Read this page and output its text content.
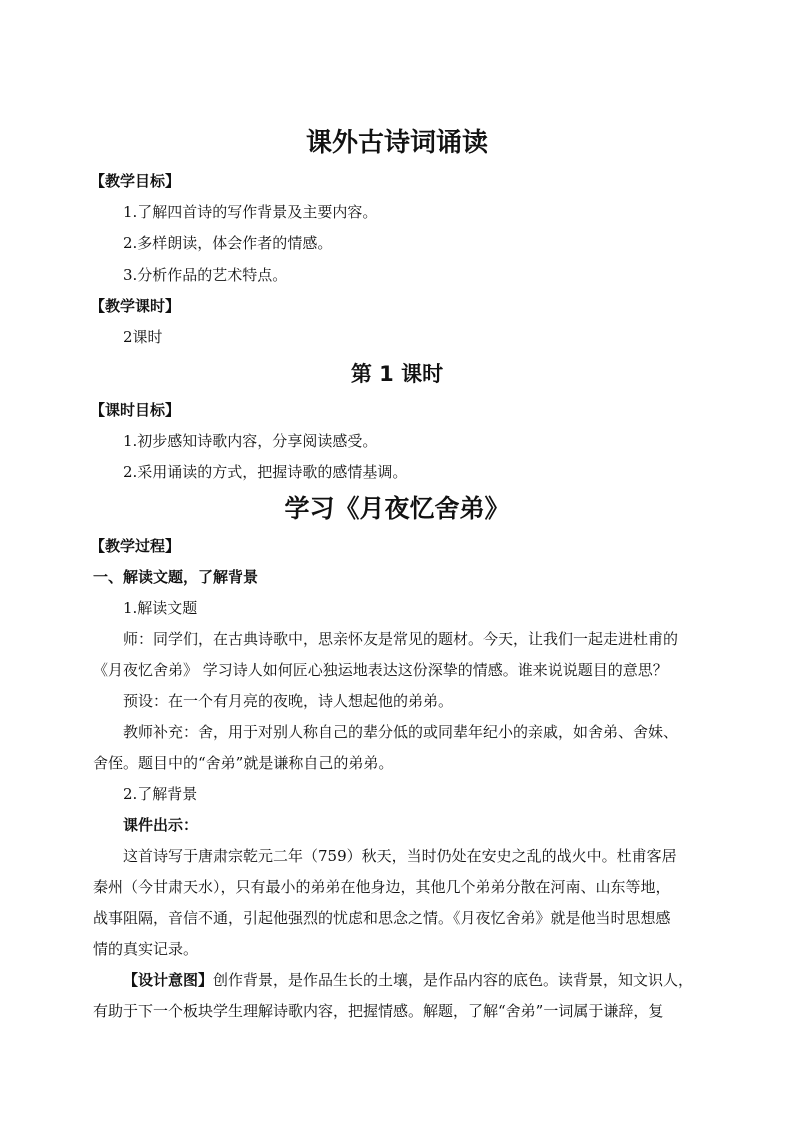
课外古诗词诵读
【教学目标】
1.了解四首诗的写作背景及主要内容。
2.多样朗读，体会作者的情感。
3.分析作品的艺术特点。
【教学课时】
2课时
第 1 课时
【课时目标】
1.初步感知诗歌内容，分享阅读感受。
2.采用诵读的方式，把握诗歌的感情基调。
学习《月夜忆舍弟》
【教学过程】
一、解读文题，了解背景
1.解读文题
师：同学们，在古典诗歌中，思亲怀友是常见的题材。今天，让我们一起走进杜甫的
《月夜忆舍弟》 学习诗人如何匠心独运地表达这份深挚的情感。谁来说说题目的意思？
预设：在一个有月亮的夜晚，诗人想起他的弟弟。
教师补充：舍，用于对别人称自己的辈分低的或同辈年纪小的亲戚，如舍弟、舍妹、
舍侄。题目中的“舍弟”就是谦称自己的弟弟。
2.了解背景
课件出示：
这首诗写于唐肃宗乾元二年（759）秋天，当时仍处在安史之乱的战火中。杜甫客居
秦州（今甘肃天水），只有最小的弟弟在他身边，其他几个弟弟分散在河南、山东等地，
战事阻隔，音信不通，引起他强烈的忧虑和思念之情。《月夜忆舍弟》就是他当时思想感
情的真实记录。
【设计意图】创作背景，是作品生长的土壤，是作品内容的底色。读背景，知文识人，
有助于下一个板块学生理解诗歌内容，把握情感。解题，了解“舍弟”一词属于谦辞，复
